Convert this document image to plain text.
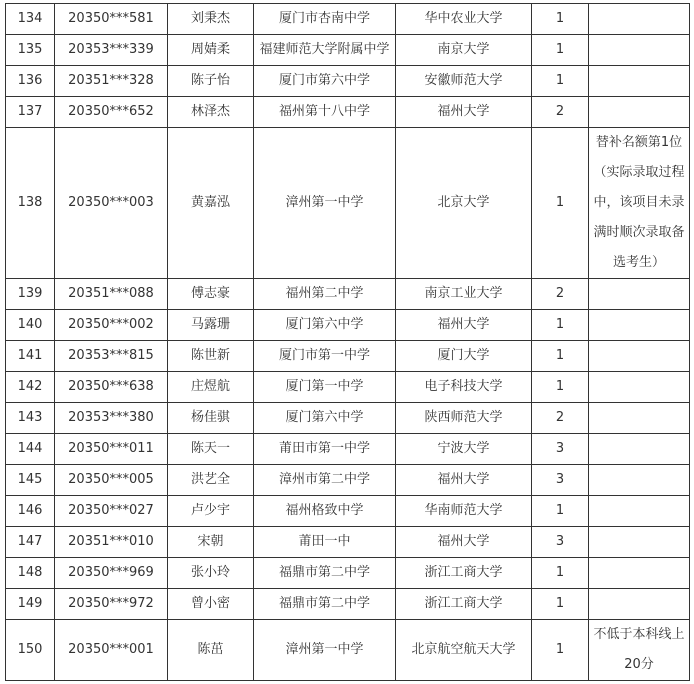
134	20350***581	刘秉杰	厦门市杏南中学	华中农业大学	1	
135	20353***339	周婧柔	福建师范大学附属中学	南京大学	1	
136	20351***328	陈子怡	厦门市第六中学	安徽师范大学	1	
137	20350***652	林泽杰	福州第十八中学	福州大学	2	
138	20350***003	黄嘉泓	漳州第一中学	北京大学	1	替补名额第1位（实际录取过程中，该项目未录满时顺次录取备选考生）
139	20351***088	傅志豪	福州第二中学	南京工业大学	2	
140	20350***002	马露珊	厦门第六中学	福州大学	1	
141	20353***815	陈世新	厦门市第一中学	厦门大学	1	
142	20350***638	庄煜航	厦门第一中学	电子科技大学	1	
143	20353***380	杨佳骐	厦门第六中学	陕西师范大学	2	
144	20350***011	陈天一	莆田市第一中学	宁波大学	3	
145	20350***005	洪艺全	漳州市第二中学	福州大学	3	
146	20350***027	卢少宇	福州格致中学	华南师范大学	1	
147	20351***010	宋朝	莆田一中	福州大学	3	
148	20350***969	张小玲	福鼎市第二中学	浙江工商大学	1	
149	20350***972	曾小密	福鼎市第二中学	浙江工商大学	1	
150	20350***001	陈茁	漳州第一中学	北京航空航天大学	1	不低于本科线上20分
